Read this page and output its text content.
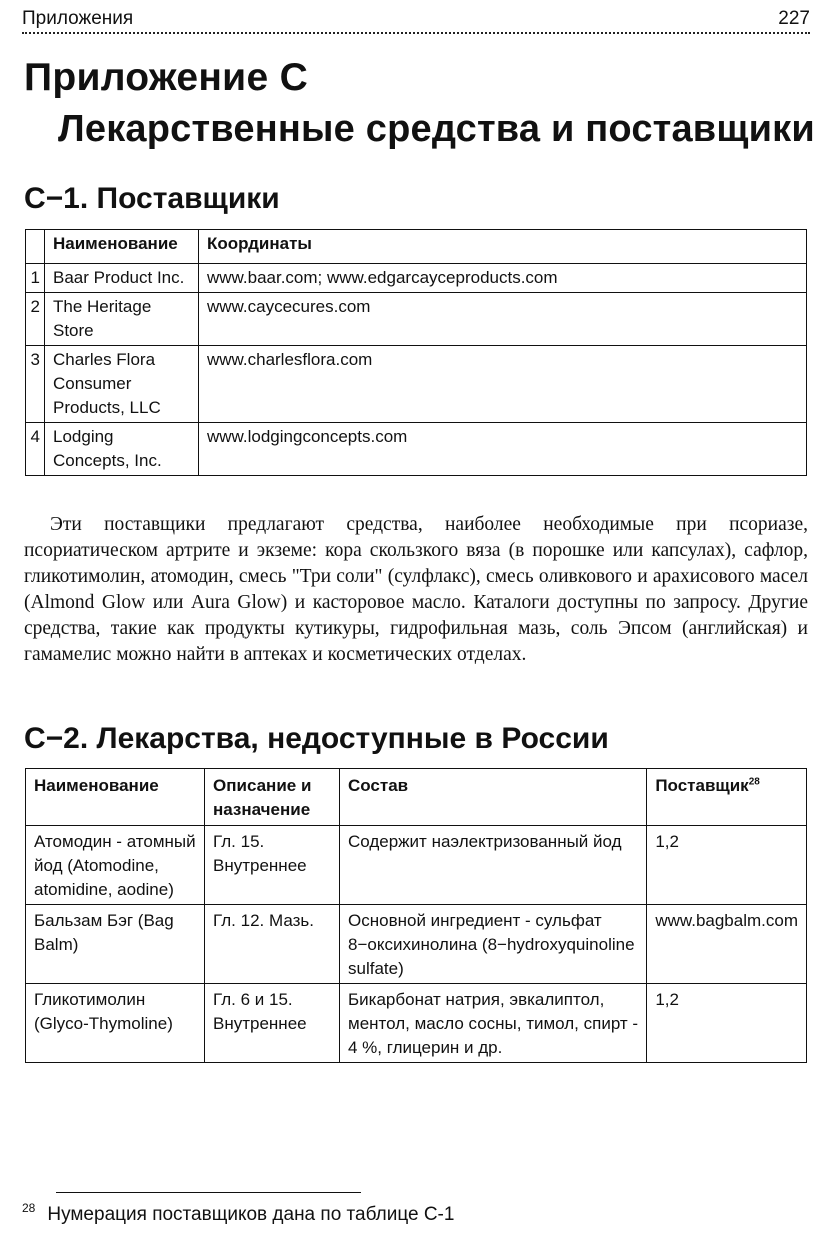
Приложения	227
Приложение С
Лекарственные средства и поставщики
С−1. Поставщики
	Наименование	Координаты
1	Baar Product Inc.	www.baar.com; www.edgarcayceproducts.com
2	The Heritage Store	www.caycecures.com
3	Charles Flora Consumer Products, LLC	www.charlesflora.com
4	Lodging Concepts, Inc.	www.lodgingconcepts.com

Эти поставщики предлагают средства, наиболее необходимые при псориазе, псориатическом артрите и экземе: кора скользкого вяза (в порошке или капсулах), сафлор, гликотимолин, атомодин, смесь "Три соли" (сулфлакс), смесь оливкового и арахисового масел (Almond Glow или Aura Glow) и касторовое масло. Каталоги доступны по запросу. Другие средства, такие как продукты кутикуры, гидрофильная мазь, соль Эпсом (английская) и гамамелис можно найти в аптеках и косметических отделах.

С−2. Лекарства, недоступные в России
Наименование	Описание и назначение	Состав	Поставщик$^{28}$
Атомодин - атомный йод (Atomodine, atomidine, aodine)	Гл. 15. Внутреннее	Содержит наэлектризованный йод	1,2
Бальзам Бэг (Bag Balm)	Гл. 12. Мазь.	Основной ингредиент - сульфат 8−оксихинолина (8−hydroxyquinoline sulfate)	www.bagbalm.com
Гликотимолин (Glyco-Thymoline)	Гл. 6 и 15. Внутреннее	Бикарбонат натрия, эвкалиптол, ментол, масло сосны, тимол, спирт - 4 %, глицерин и др.	1,2
$^{28}$ Нумерация поставщиков дана по таблице С-1
